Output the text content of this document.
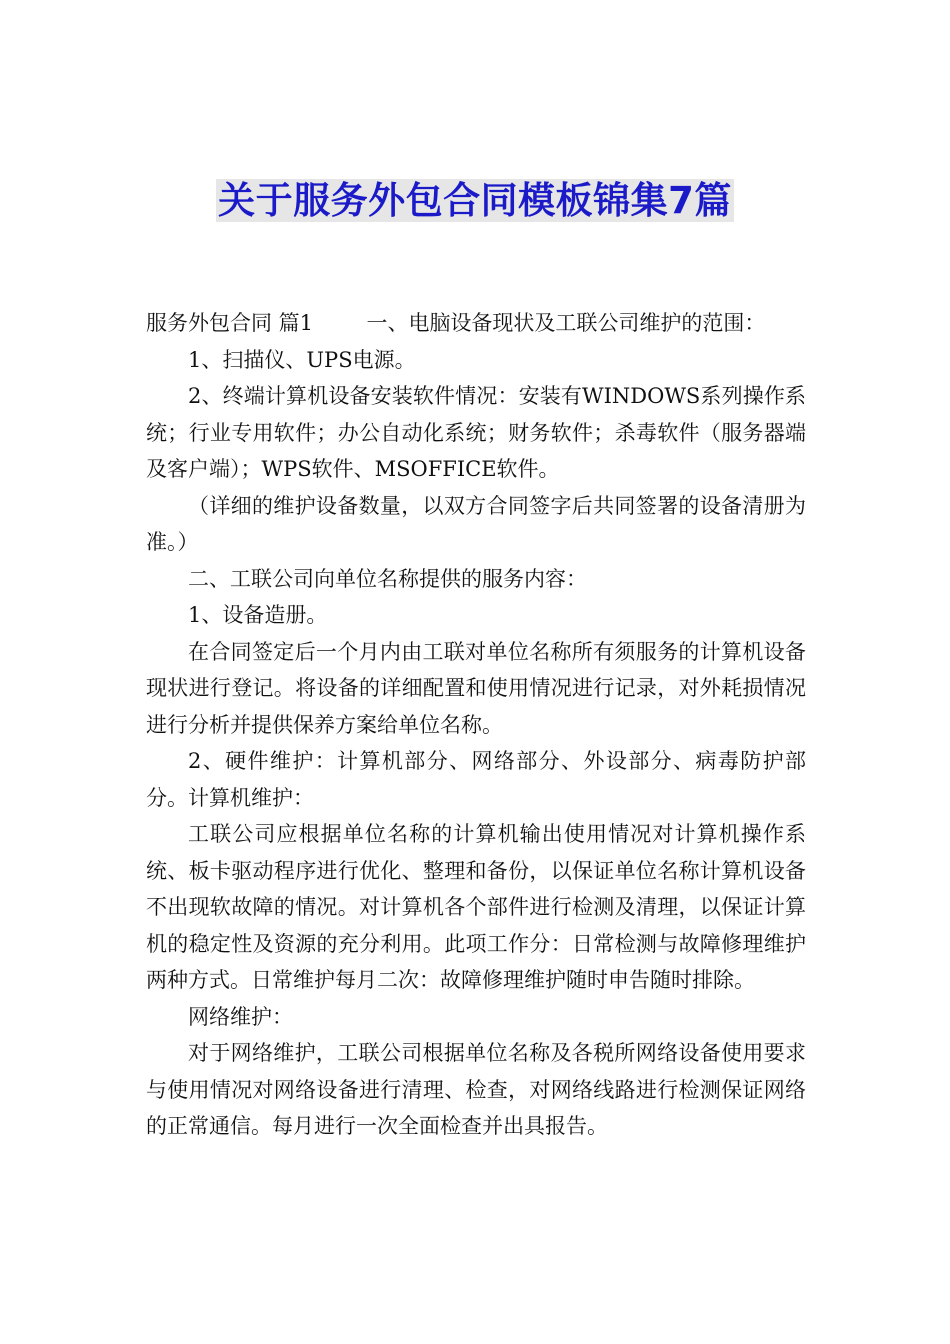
关于服务外包合同模板锦集7篇

服务外包合同 篇1        一、电脑设备现状及工联公司维护的范围：

1、扫描仪、UPS电源。

2、终端计算机设备安装软件情况：安装有WINDOWS系列操作系统；行业专用软件；办公自动化系统；财务软件；杀毒软件（服务器端及客户端）；WPS软件、MSOFFICE软件。

（详细的维护设备数量，以双方合同签字后共同签署的设备清册为准。）

二、工联公司向单位名称提供的服务内容：

1、设备造册。

在合同签定后一个月内由工联对单位名称所有须服务的计算机设备现状进行登记。将设备的详细配置和使用情况进行记录，对外耗损情况进行分析并提供保养方案给单位名称。

2、硬件维护：计算机部分、网络部分、外设部分、病毒防护部分。计算机维护：

工联公司应根据单位名称的计算机输出使用情况对计算机操作系统、板卡驱动程序进行优化、整理和备份，以保证单位名称计算机设备不出现软故障的情况。对计算机各个部件进行检测及清理，以保证计算机的稳定性及资源的充分利用。此项工作分：日常检测与故障修理维护两种方式。日常维护每月二次：故障修理维护随时申告随时排除。

网络维护：

对于网络维护，工联公司根据单位名称及各税所网络设备使用要求与使用情况对网络设备进行清理、检查，对网络线路进行检测保证网络的正常通信。每月进行一次全面检查并出具报告。
